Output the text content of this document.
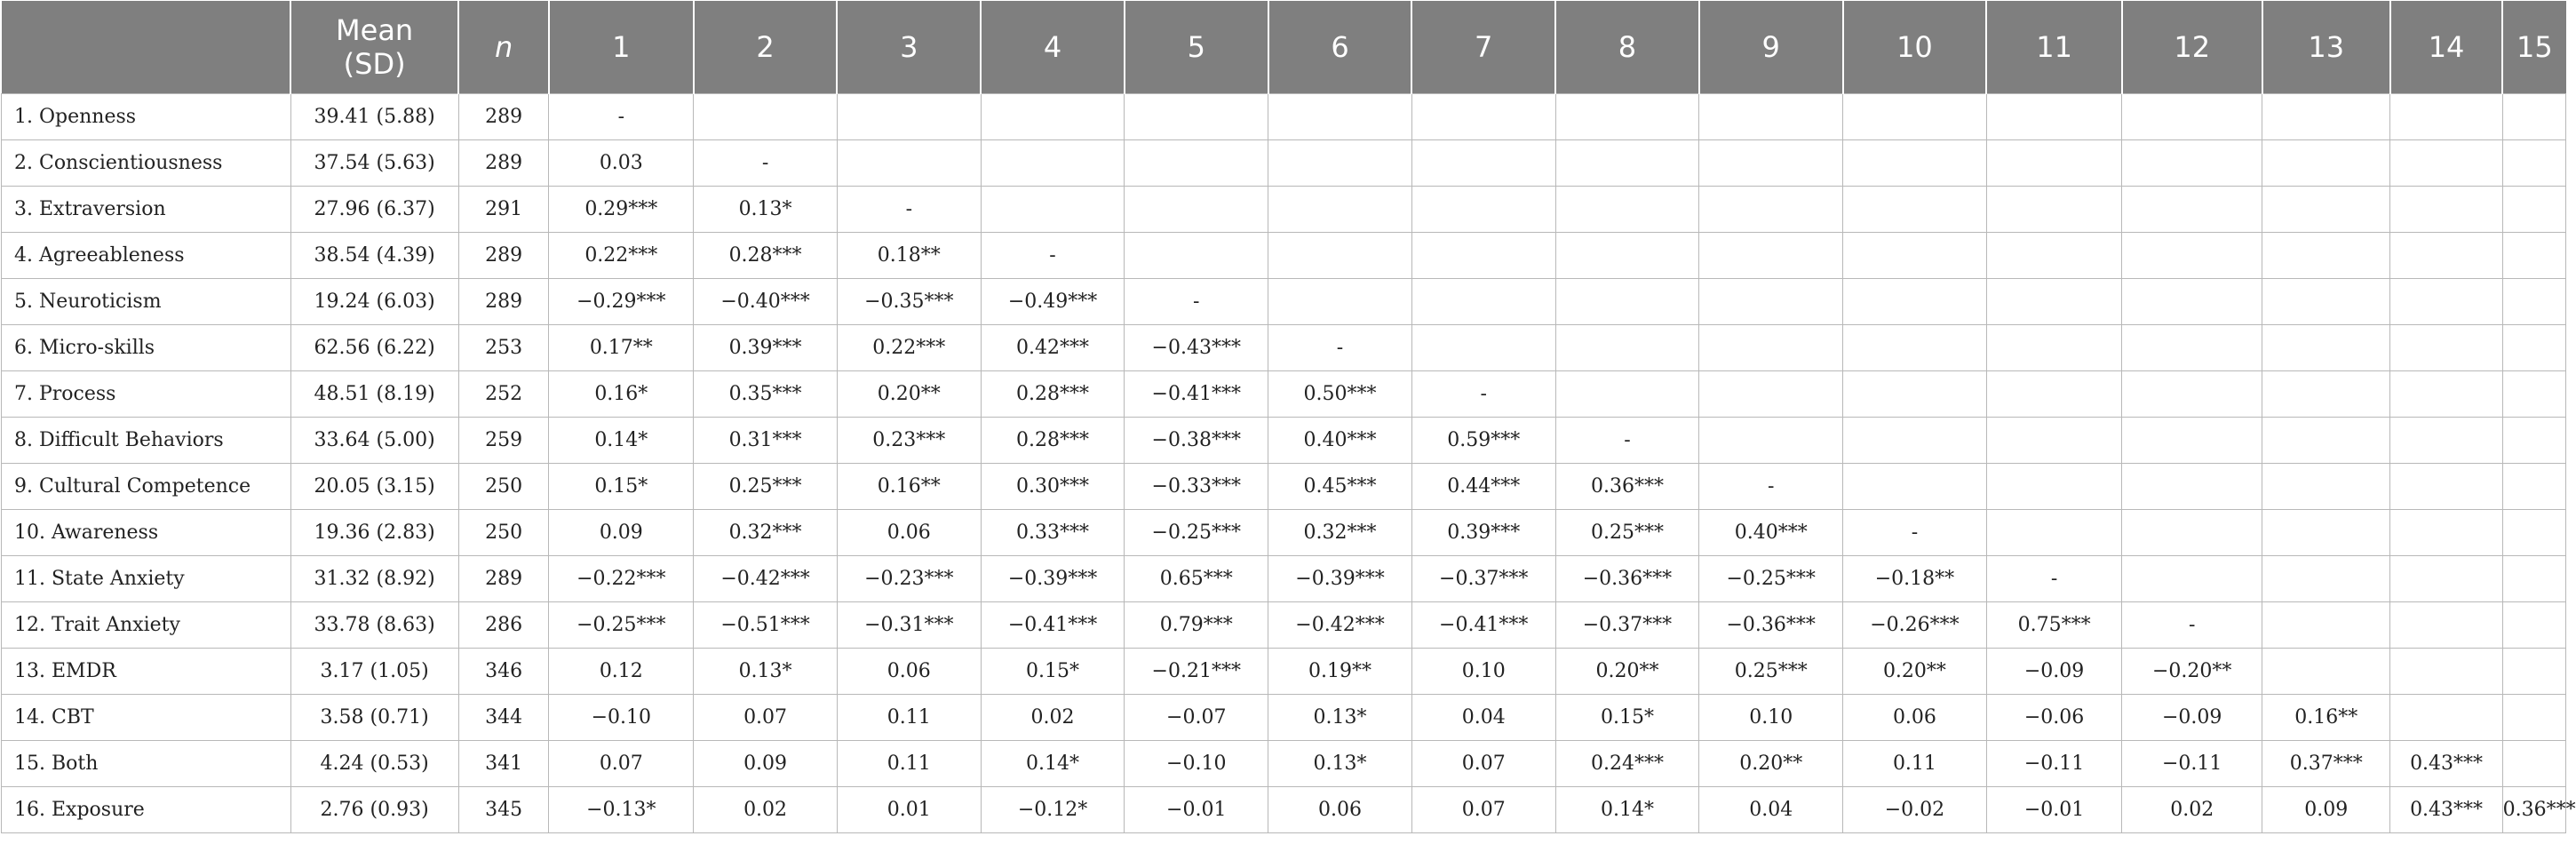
	Mean (SD)	n	1	2	3	4	5	6	7	8	9	10	11	12	13	14	15
1. Openness	39.41 (5.88)	289	-														
2. Conscientiousness	37.54 (5.63)	289	0.03	-													
3. Extraversion	27.96 (6.37)	291	0.29***	0.13*	-												
4. Agreeableness	38.54 (4.39)	289	0.22***	0.28***	0.18**	-											
5. Neuroticism	19.24 (6.03)	289	−0.29***	−0.40***	−0.35***	−0.49***	-										
6. Micro-skills	62.56 (6.22)	253	0.17**	0.39***	0.22***	0.42***	−0.43***	-									
7. Process	48.51 (8.19)	252	0.16*	0.35***	0.20**	0.28***	−0.41***	0.50***	-								
8. Difficult Behaviors	33.64 (5.00)	259	0.14*	0.31***	0.23***	0.28***	−0.38***	0.40***	0.59***	-							
9. Cultural Competence	20.05 (3.15)	250	0.15*	0.25***	0.16**	0.30***	−0.33***	0.45***	0.44***	0.36***	-						
10. Awareness	19.36 (2.83)	250	0.09	0.32***	0.06	0.33***	−0.25***	0.32***	0.39***	0.25***	0.40***	-					
11. State Anxiety	31.32 (8.92)	289	−0.22***	−0.42***	−0.23***	−0.39***	0.65***	−0.39***	−0.37***	−0.36***	−0.25***	−0.18**	-				
12. Trait Anxiety	33.78 (8.63)	286	−0.25***	−0.51***	−0.31***	−0.41***	0.79***	−0.42***	−0.41***	−0.37***	−0.36***	−0.26***	0.75***	-			
13. EMDR	3.17 (1.05)	346	0.12	0.13*	0.06	0.15*	−0.21***	0.19**	0.10	0.20**	0.25***	0.20**	−0.09	−0.20**			
14. CBT	3.58 (0.71)	344	−0.10	0.07	0.11	0.02	−0.07	0.13*	0.04	0.15*	0.10	0.06	−0.06	−0.09	0.16**		
15. Both	4.24 (0.53)	341	0.07	0.09	0.11	0.14*	−0.10	0.13*	0.07	0.24***	0.20**	0.11	−0.11	−0.11	0.37***	0.43***	
16. Exposure	2.76 (0.93)	345	−0.13*	0.02	0.01	−0.12*	−0.01	0.06	0.07	0.14*	0.04	−0.02	−0.01	0.02	0.09	0.43***	0.36***
